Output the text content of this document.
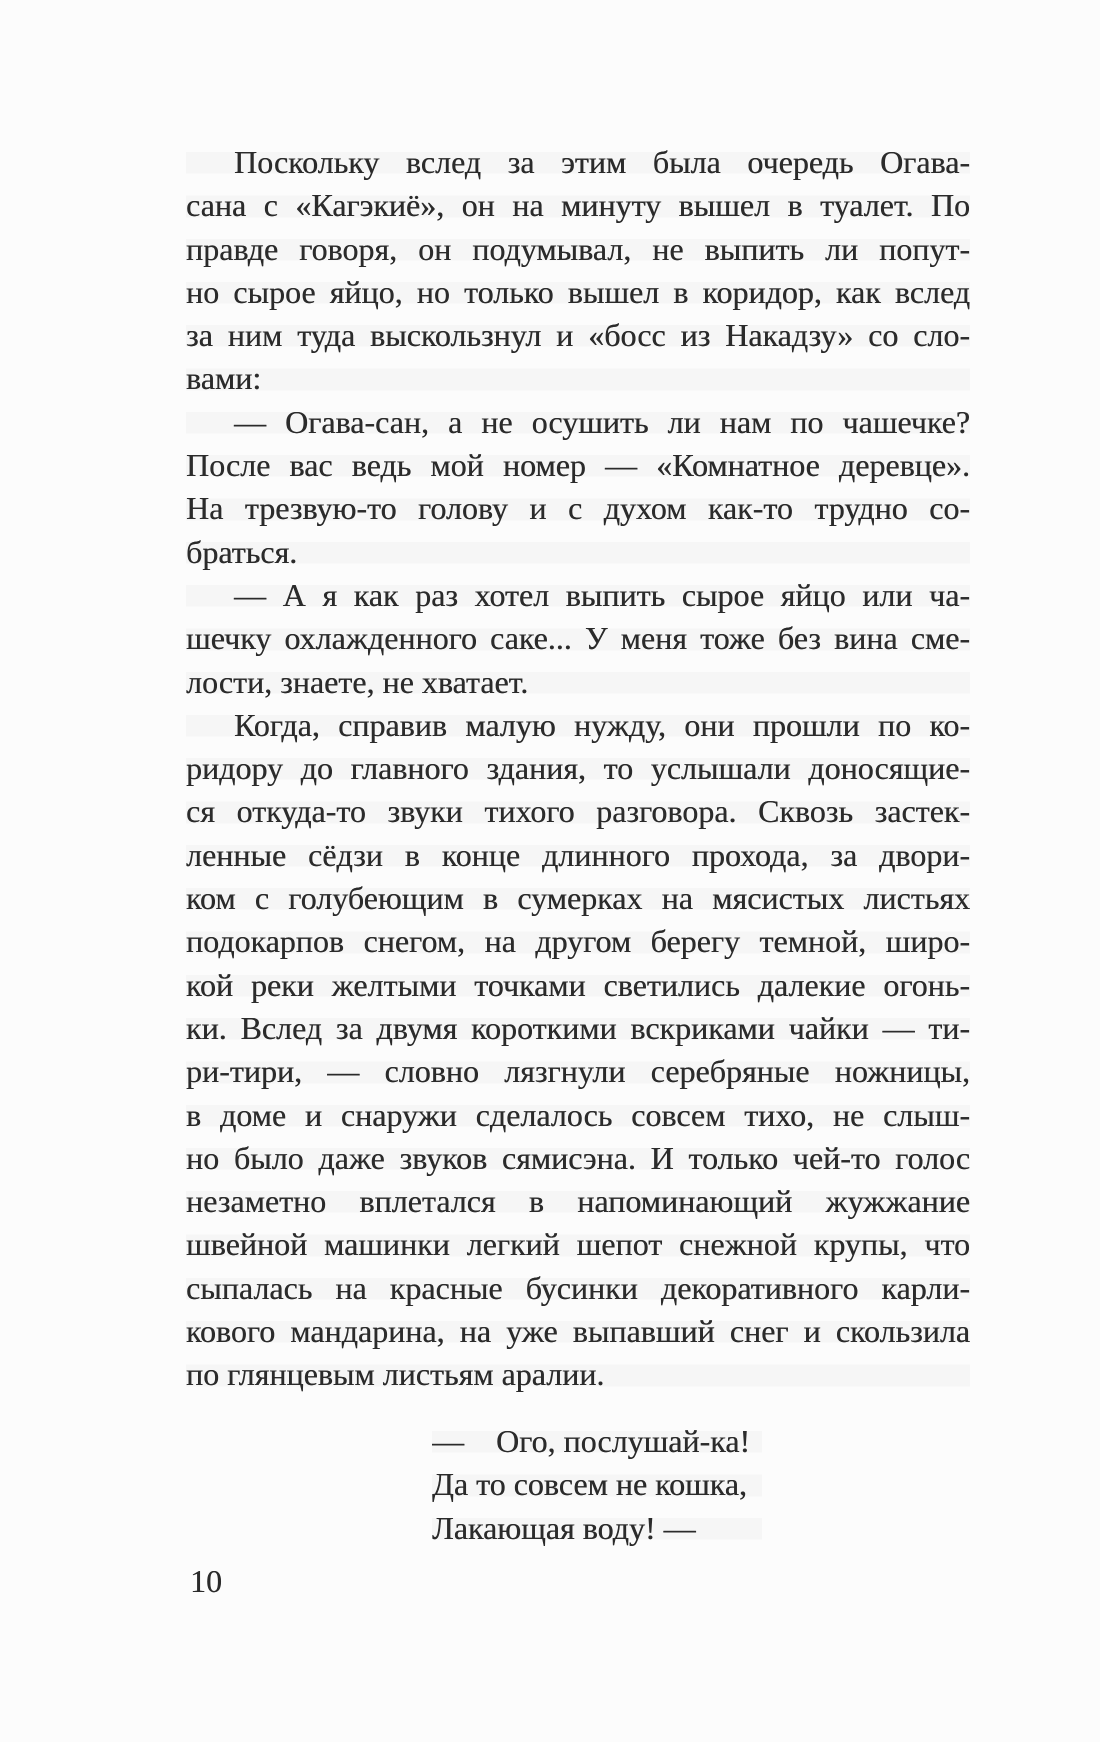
Поскольку вслед за этим была очередь Огава-
сана с «Кагэкиё», он на минуту вышел в туалет. По
правде говоря, он подумывал, не выпить ли попут-
но сырое яйцо, но только вышел в коридор, как вслед
за ним туда выскользнул и «босс из Накадзу» со сло-
вами:
— Огава-сан, а не осушить ли нам по чашечке?
После вас ведь мой номер — «Комнатное деревце».
На трезвую-то голову и с духом как-то трудно со-
браться.
— А я как раз хотел выпить сырое яйцо или ча-
шечку охлажденного саке... У меня тоже без вина сме-
лости, знаете, не хватает.
Когда, справив малую нужду, они прошли по ко-
ридору до главного здания, то услышали доносящие-
ся откуда-то звуки тихого разговора. Сквозь застек-
ленные сёдзи в конце длинного прохода, за двори-
ком с голубеющим в сумерках на мясистых листьях
подокарпов снегом, на другом берегу темной, широ-
кой реки желтыми точками светились далекие огонь-
ки. Вслед за двумя короткими вскриками чайки — ти-
ри-тири, — словно лязгнули серебряные ножницы,
в доме и снаружи сделалось совсем тихо, не слыш-
но было даже звуков сямисэна. И только чей-то голос
незаметно вплетался в напоминающий жужжание
швейной машинки легкий шепот снежной крупы, что
сыпалась на красные бусинки декоративного карли-
кового мандарина, на уже выпавший снег и скользила
по глянцевым листьям аралии.
— Ого, послушай-ка!
Да то совсем не кошка,
Лакающая воду! —
10
